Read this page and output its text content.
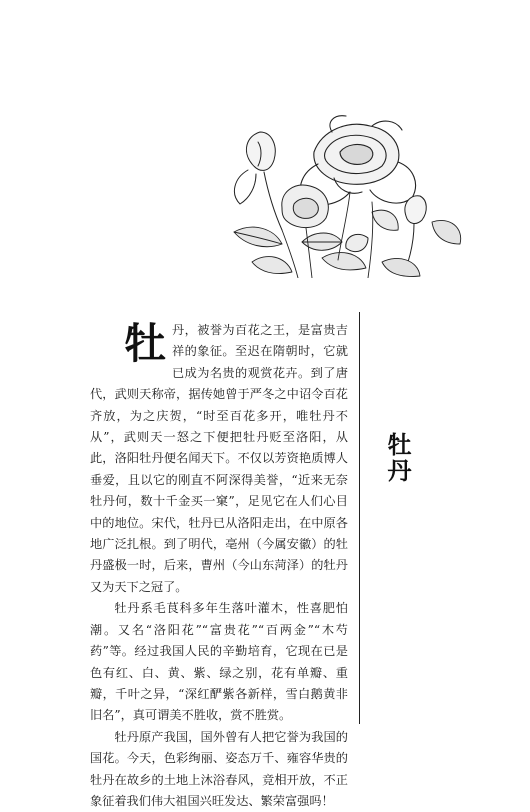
牡丹

牡丹，被誉为百花之王，是富贵吉祥的象征。至迟在隋朝时，它就已成为名贵的观赏花卉。到了唐代，武则天称帝，据传她曾于严冬之中诏令百花齐放，为之庆贺，“时至百花多开，唯牡丹不从”，武则天一怒之下便把牡丹贬至洛阳，从此，洛阳牡丹便名闻天下。不仅以芳资艳质博人垂爱，且以它的刚直不阿深得美誉，“近来无奈牡丹何，数十千金买一窠”，足见它在人们心目中的地位。宋代，牡丹已从洛阳走出，在中原各地广泛扎根。到了明代，亳州（今属安徽）的牡丹盛极一时，后来，曹州（今山东菏泽）的牡丹又为天下之冠了。

牡丹系毛茛科多年生落叶灌木，性喜肥怕潮。又名“洛阳花”“富贵花”“百两金”“木芍药”等。经过我国人民的辛勤培育，它现在已是色有红、白、黄、紫、绿之别，花有单瓣、重瓣，千叶之异，“深红酽紫各新样，雪白鹅黄非旧名”，真可谓美不胜收，赏不胜赏。

牡丹原产我国，国外曾有人把它誉为我国的国花。今天，色彩绚丽、姿态万千、雍容华贵的牡丹在故乡的土地上沐浴春风，竞相开放，不正象征着我们伟大祖国兴旺发达、繁荣富强吗！
